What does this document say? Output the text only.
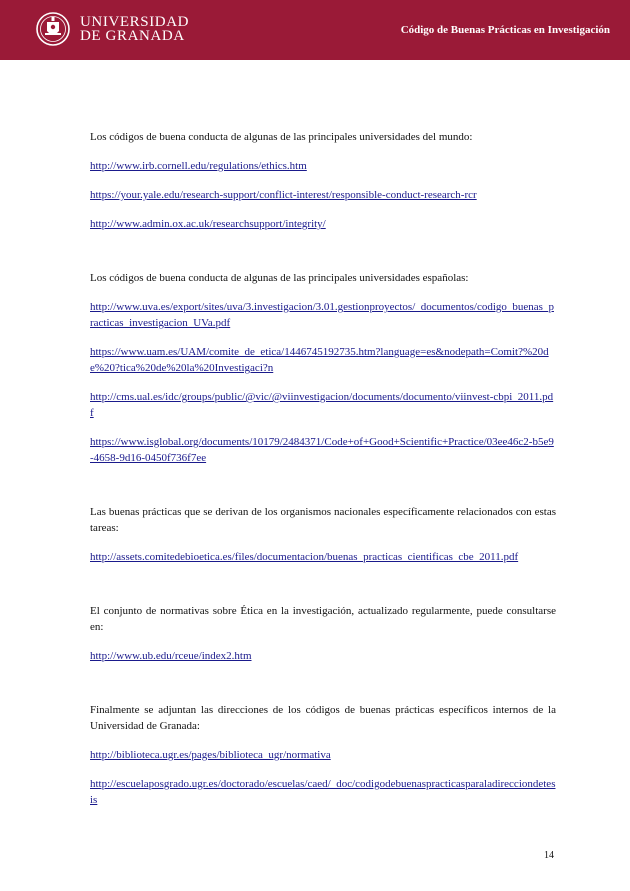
UNIVERSIDAD
DE GRANADA	Código de Buenas Prácticas en Investigación

Los códigos de buena conducta de algunas de las principales universidades del mundo:

http://www.irb.cornell.edu/regulations/ethics.htm
https://your.yale.edu/research-support/conflict-interest/responsible-conduct-research-rcr
http://www.admin.ox.ac.uk/researchsupport/integrity/

Los códigos de buena conducta de algunas de las principales universidades españolas:

http://www.uva.es/export/sites/uva/3.investigacion/3.01.gestionproyectos/_documentos/codigo_buenas_practicas_investigacion_UVa.pdf
https://www.uam.es/UAM/comite_de_etica/1446745192735.htm?language=es&nodepath=Comit?%20de%20?tica%20de%20la%20Investigaci?n
http://cms.ual.es/idc/groups/public/@vic/@viinvestigacion/documents/documento/viinvest-cbpi_2011.pdf
https://www.isglobal.org/documents/10179/2484371/Code+of+Good+Scientific+Practice/03ee46c2-b5e9-4658-9d16-0450f736f7ee

Las buenas prácticas que se derivan de los organismos nacionales específicamente relacionados con estas tareas:

http://assets.comitedebioetica.es/files/documentacion/buenas_practicas_cientificas_cbe_2011.pdf

El conjunto de normativas sobre Ética en la investigación, actualizado regularmente, puede consultarse en:

http://www.ub.edu/rceue/index2.htm

Finalmente se adjuntan las direcciones de los códigos de buenas prácticas específicos internos de la Universidad de Granada:

http://biblioteca.ugr.es/pages/biblioteca_ugr/normativa
http://escuelaposgrado.ugr.es/doctorado/escuelas/caed/_doc/codigodebuenaspracticasparaladirecciondetesis
14
